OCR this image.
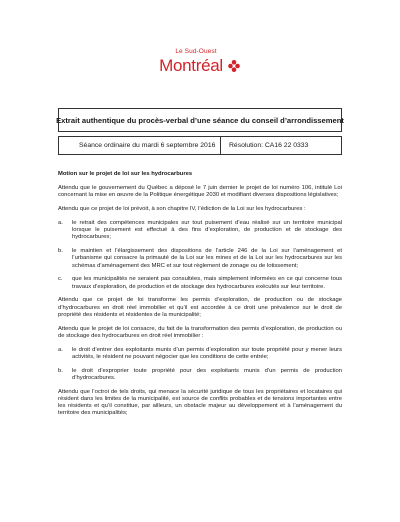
Le Sud-Ouest
Montréal
Extrait authentique du procès-verbal d’une séance du conseil d’arrondissement
Séance ordinaire du mardi 6 septembre 2016	Résolution: CA16 22 0333

Motion sur le projet de loi sur les hydrocarbures

Attendu que le gouvernement du Québec a déposé le 7 juin dernier le projet de loi numéro 106, intitulé Loi concernant la mise en œuvre de la Politique énergétique 2030 et modifiant diverses dispositions législatives;

Attendu que ce projet de loi prévoit, à son chapitre IV, l’édiction de la Loi sur les hydrocarbures :

a.	le retrait des compétences municipales sur tout puisement d’eau réalisé sur un territoire municipal lorsque le puisement est effectué à des fins d’exploration, de production et de stockage des hydrocarbures;
b.	le maintien et l’élargissement des dispositions de l’article 246 de la Loi sur l’aménagement et l’urbanisme qui consacre la primauté de la Loi sur les mines et de la Loi sur les hydrocarbures sur les schémas d’aménagement des MRC et sur tout règlement de zonage ou de lotissement;
c.	que les municipalités ne seraient pas consultées, mais simplement informées en ce qui concerne tous travaux d’exploration, de production et de stockage des hydrocarbures exécutés sur leur territoire.

Attendu que ce projet de loi transforme les permis d’exploration, de production ou de stockage d’hydrocarbures en droit réel immobilier et qu’il est accordée à ce droit une prévalence sur le droit de propriété des résidents et résidentes de la municipalité;

Attendu que le projet de loi consacre, du fait de la transformation des permis d’exploration, de production ou de stockage des hydrocarbures en droit réel immobilier :

a.	le droit d’entrer des exploitants munis d’un permis d’exploration sur toute propriété pour y mener leurs activités, le résident ne pouvant négocier que les conditions de cette entrée;
b.	le droit d’exproprier toute propriété pour des exploitants munis d’un permis de production d’hydrocarbures.

Attendu que l’octroi de tels droits, qui menace la sécurité juridique de tous les propriétaires et locataires qui résident dans les limites de la municipalité, est source de conflits probables et de tensions importantes entre les résidents et qu’il constitue, par ailleurs, un obstacle majeur au développement et à l’aménagement du territoire des municipalités;
